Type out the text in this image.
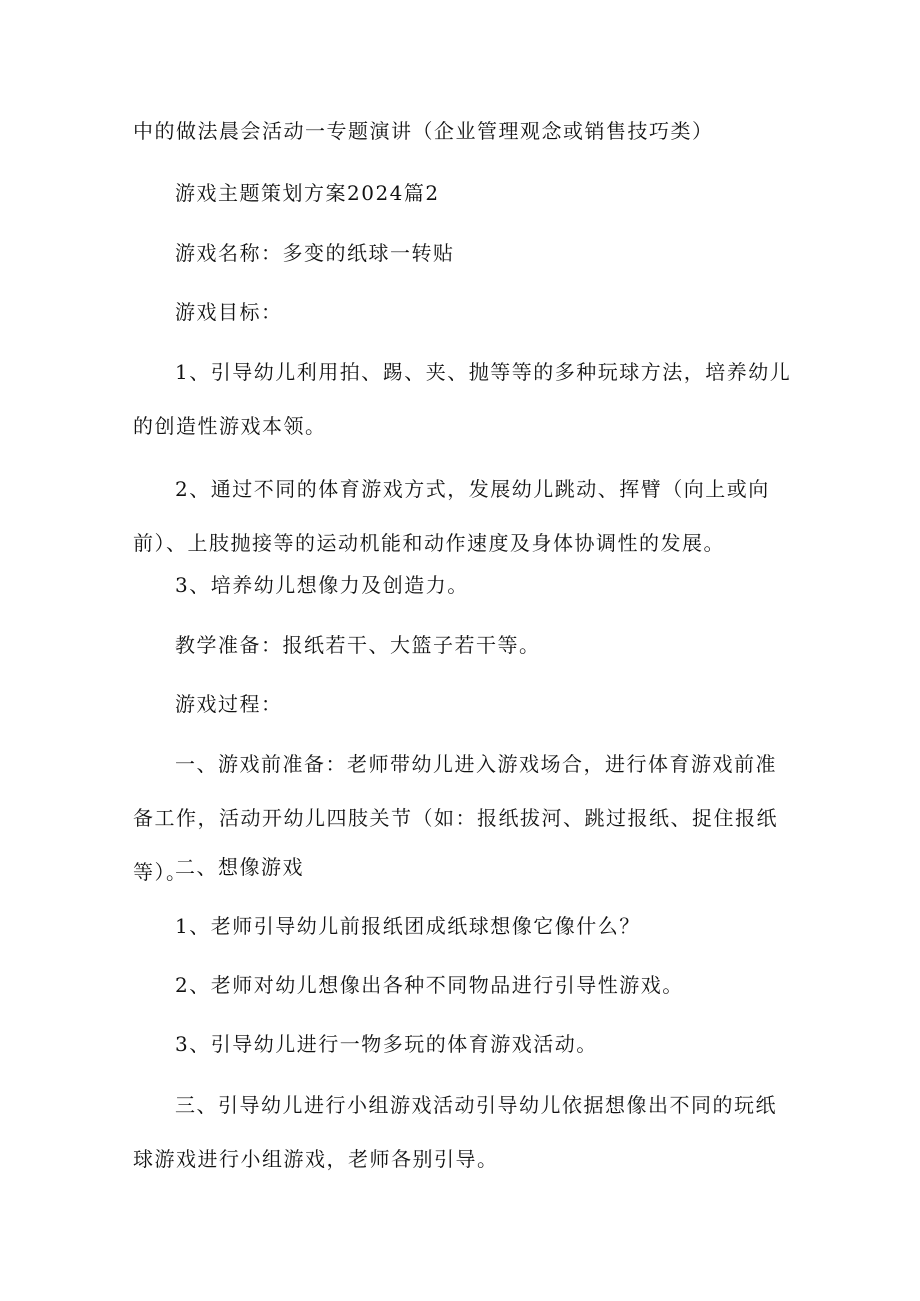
中的做法晨会活动一专题演讲（企业管理观念或销售技巧类）

游戏主题策划方案2024篇2

游戏名称：多变的纸球一转贴

游戏目标：

1、引导幼儿利用拍、踢、夹、抛等等的多种玩球方法，培养幼儿的创造性游戏本领。

2、通过不同的体育游戏方式，发展幼儿跳动、挥臂（向上或向前）、上肢抛接等的运动机能和动作速度及身体协调性的发展。

3、培养幼儿想像力及创造力。

教学准备：报纸若干、大篮子若干等。

游戏过程：

一、游戏前准备：老师带幼儿进入游戏场合，进行体育游戏前准备工作，活动开幼儿四肢关节（如：报纸拔河、跳过报纸、捉住报纸等）。

二、想像游戏

1、老师引导幼儿前报纸团成纸球想像它像什么？

2、老师对幼儿想像出各种不同物品进行引导性游戏。

3、引导幼儿进行一物多玩的体育游戏活动。

三、引导幼儿进行小组游戏活动引导幼儿依据想像出不同的玩纸球游戏进行小组游戏，老师各别引导。
